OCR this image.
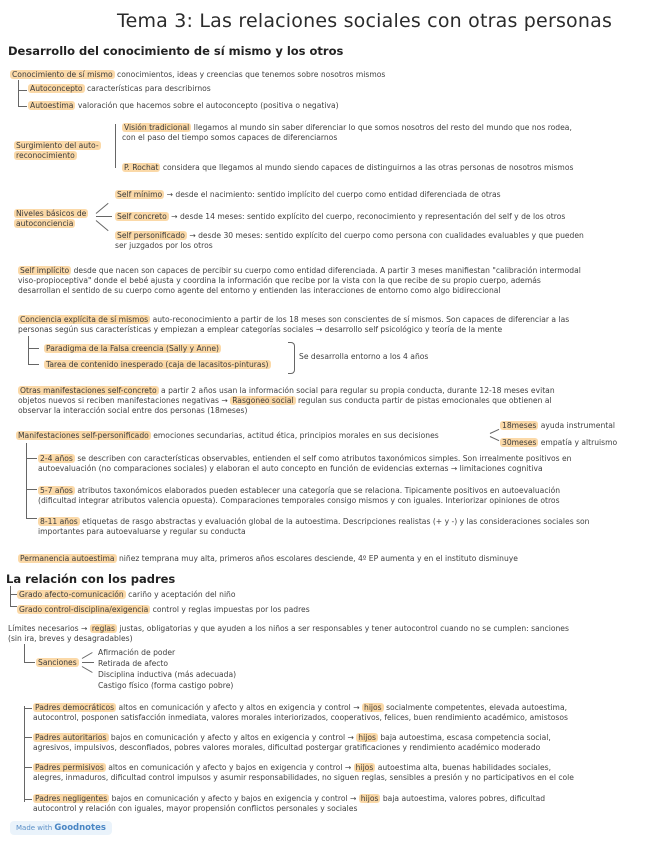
Tema 3: Las relaciones sociales con otras personas
Desarrollo del conocimiento de sí mismo y los otros
Conocimiento de sí mismo conocimientos, ideas y creencias que tenemos sobre nosotros mismos
Autoconcepto características para describirnos
Autoestima valoración que hacemos sobre el autoconcepto (positiva o negativa)
Surgimiento del auto-
reconocimiento
Visión tradicional llegamos al mundo sin saber diferenciar lo que somos nosotros del resto del mundo que nos rodea,
con el paso del tiempo somos capaces de diferenciarnos
P. Rochat considera que llegamos al mundo siendo capaces de distinguirnos a las otras personas de nosotros mismos
Niveles básicos de
autoconciencia
Self mínimo → desde el nacimiento: sentido implícito del cuerpo como entidad diferenciada de otras
Self concreto → desde 14 meses: sentido explícito del cuerpo, reconocimiento y representación del self y de los otros
Self personificado → desde 30 meses: sentido explícito del cuerpo como persona con cualidades evaluables y que pueden
ser juzgados por los otros
Self implícito desde que nacen son capaces de percibir su cuerpo como entidad diferenciada. A partir 3 meses manifiestan "calibración intermodal
viso-propioceptiva" donde el bebé ajusta y coordina la información que recibe por la vista con la que recibe de su propio cuerpo, además
desarrollan el sentido de su cuerpo como agente del entorno y entienden las interacciones de entorno como algo bidireccional
Conciencia explícita de sí mismos auto-reconocimiento a partir de los 18 meses son conscientes de sí mismos. Son capaces de diferenciar a las
personas según sus características y empiezan a emplear categorías sociales → desarrollo self psicológico y teoría de la mente
Paradigma de la Falsa creencia (Sally y Anne)
Tarea de contenido inesperado (caja de lacasitos-pinturas)
Se desarrolla entorno a los 4 años
Otras manifestaciones self-concreto a partir 2 años usan la información social para regular su propia conducta, durante 12-18 meses evitan
objetos nuevos si reciben manifestaciones negativas → Rasgoneo social regulan sus conducta partir de pistas emocionales que obtienen al
observar la interacción social entre dos personas (18meses)
Manifestaciones self-personificado emociones secundarias, actitud ética, principios morales en sus decisiones
18meses ayuda instrumental
30meses empatía y altruismo
2-4 años se describen con características observables, entienden el self como atributos taxonómicos simples. Son irrealmente positivos en
autoevaluación (no comparaciones sociales) y elaboran el auto concepto en función de evidencias externas → limitaciones cognitiva
5-7 años atributos taxonómicos elaborados pueden establecer una categoría que se relaciona. Tipicamente positivos en autoevaluación
(dificultad integrar atributos valencia opuesta). Comparaciones temporales consigo mismos y con iguales. Interiorizar opiniones de otros
8-11 años etiquetas de rasgo abstractas y evaluación global de la autoestima. Descripciones realistas (+ y -) y las consideraciones sociales son
importantes para autoevaluarse y regular su conducta
Permanencia autoestima niñez temprana muy alta, primeros años escolares desciende, 4º EP aumenta y en el instituto disminuye
La relación con los padres
Grado afecto-comunicación cariño y aceptación del niño
Grado control-disciplina/exigencia control y reglas impuestas por los padres
Límites necesarios → reglas justas, obligatorias y que ayuden a los niños a ser responsables y tener autocontrol cuando no se cumplen: sanciones
(sin ira, breves y desagradables)
Sanciones
Afirmación de poder
Retirada de afecto
Disciplina inductiva (más adecuada)
Castigo físico (forma castigo pobre)
Padres democráticos altos en comunicación y afecto y altos en exigencia y control → hijos socialmente competentes, elevada autoestima,
autocontrol, posponen satisfacción inmediata, valores morales interiorizados, cooperativos, felices, buen rendimiento académico, amistosos
Padres autoritarios bajos en comunicación y afecto y altos en exigencia y control → hijos baja autoestima, escasa competencia social,
agresivos, impulsivos, desconfiados, pobres valores morales, dificultad postergar gratificaciones y rendimiento académico moderado
Padres permisivos altos en comunicación y afecto y bajos en exigencia y control → hijos autoestima alta, buenas habilidades sociales,
alegres, inmaduros, dificultad control impulsos y asumir responsabilidades, no siguen reglas, sensibles a presión y no participativos en el cole
Padres negligentes bajos en comunicación y afecto y bajos en exigencia y control → hijos baja autoestima, valores pobres, dificultad
autocontrol y relación con iguales, mayor propensión conflictos personales y sociales
Made with Goodnotes
